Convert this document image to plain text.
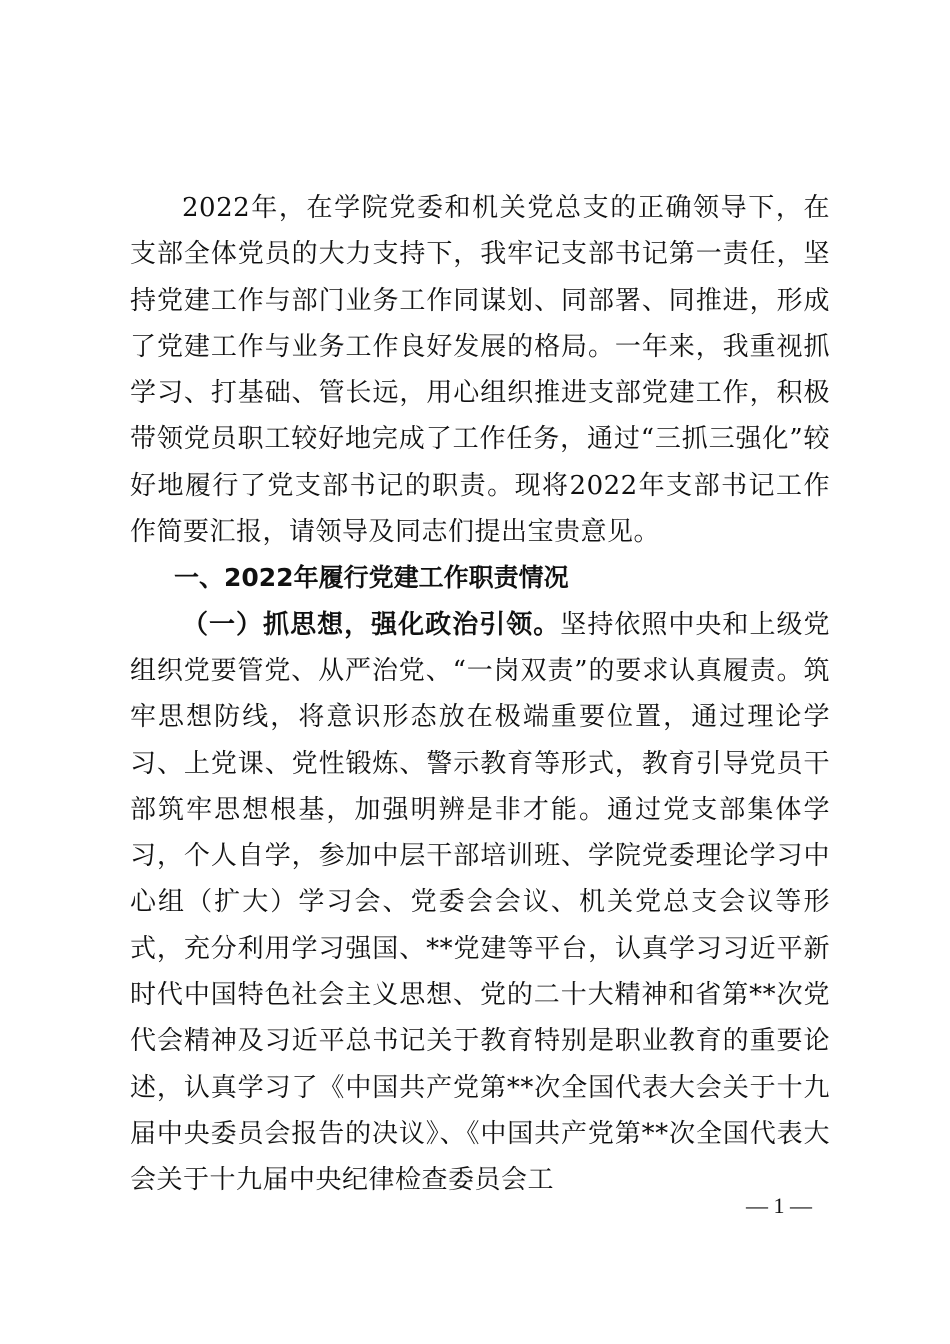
2022年，在学院党委和机关党总支的正确领导下，在支部全体党员的大力支持下，我牢记支部书记第一责任，坚持党建工作与部门业务工作同谋划、同部署、同推进，形成了党建工作与业务工作良好发展的格局。一年来，我重视抓学习、打基础、管长远，用心组织推进支部党建工作，积极带领党员职工较好地完成了工作任务，通过“三抓三强化”较好地履行了党支部书记的职责。现将2022年支部书记工作作简要汇报，请领导及同志们提出宝贵意见。

一、2022年履行党建工作职责情况

（一）抓思想，强化政治引领。坚持依照中央和上级党组织党要管党、从严治党、“一岗双责”的要求认真履责。筑牢思想防线，将意识形态放在极端重要位置，通过理论学习、上党课、党性锻炼、警示教育等形式，教育引导党员干部筑牢思想根基，加强明辨是非才能。通过党支部集体学习，个人自学，参加中层干部培训班、学院党委理论学习中心组（扩大）学习会、党委会会议、机关党总支会议等形式，充分利用学习强国、**党建等平台，认真学习习近平新时代中国特色社会主义思想、党的二十大精神和省第**次党代会精神及习近平总书记关于教育特别是职业教育的重要论述，认真学习了《中国共产党第**次全国代表大会关于十九届中央委员会报告的决议》、《中国共产党第**次全国代表大会关于十九届中央纪律检查委员会工

— 1 —
